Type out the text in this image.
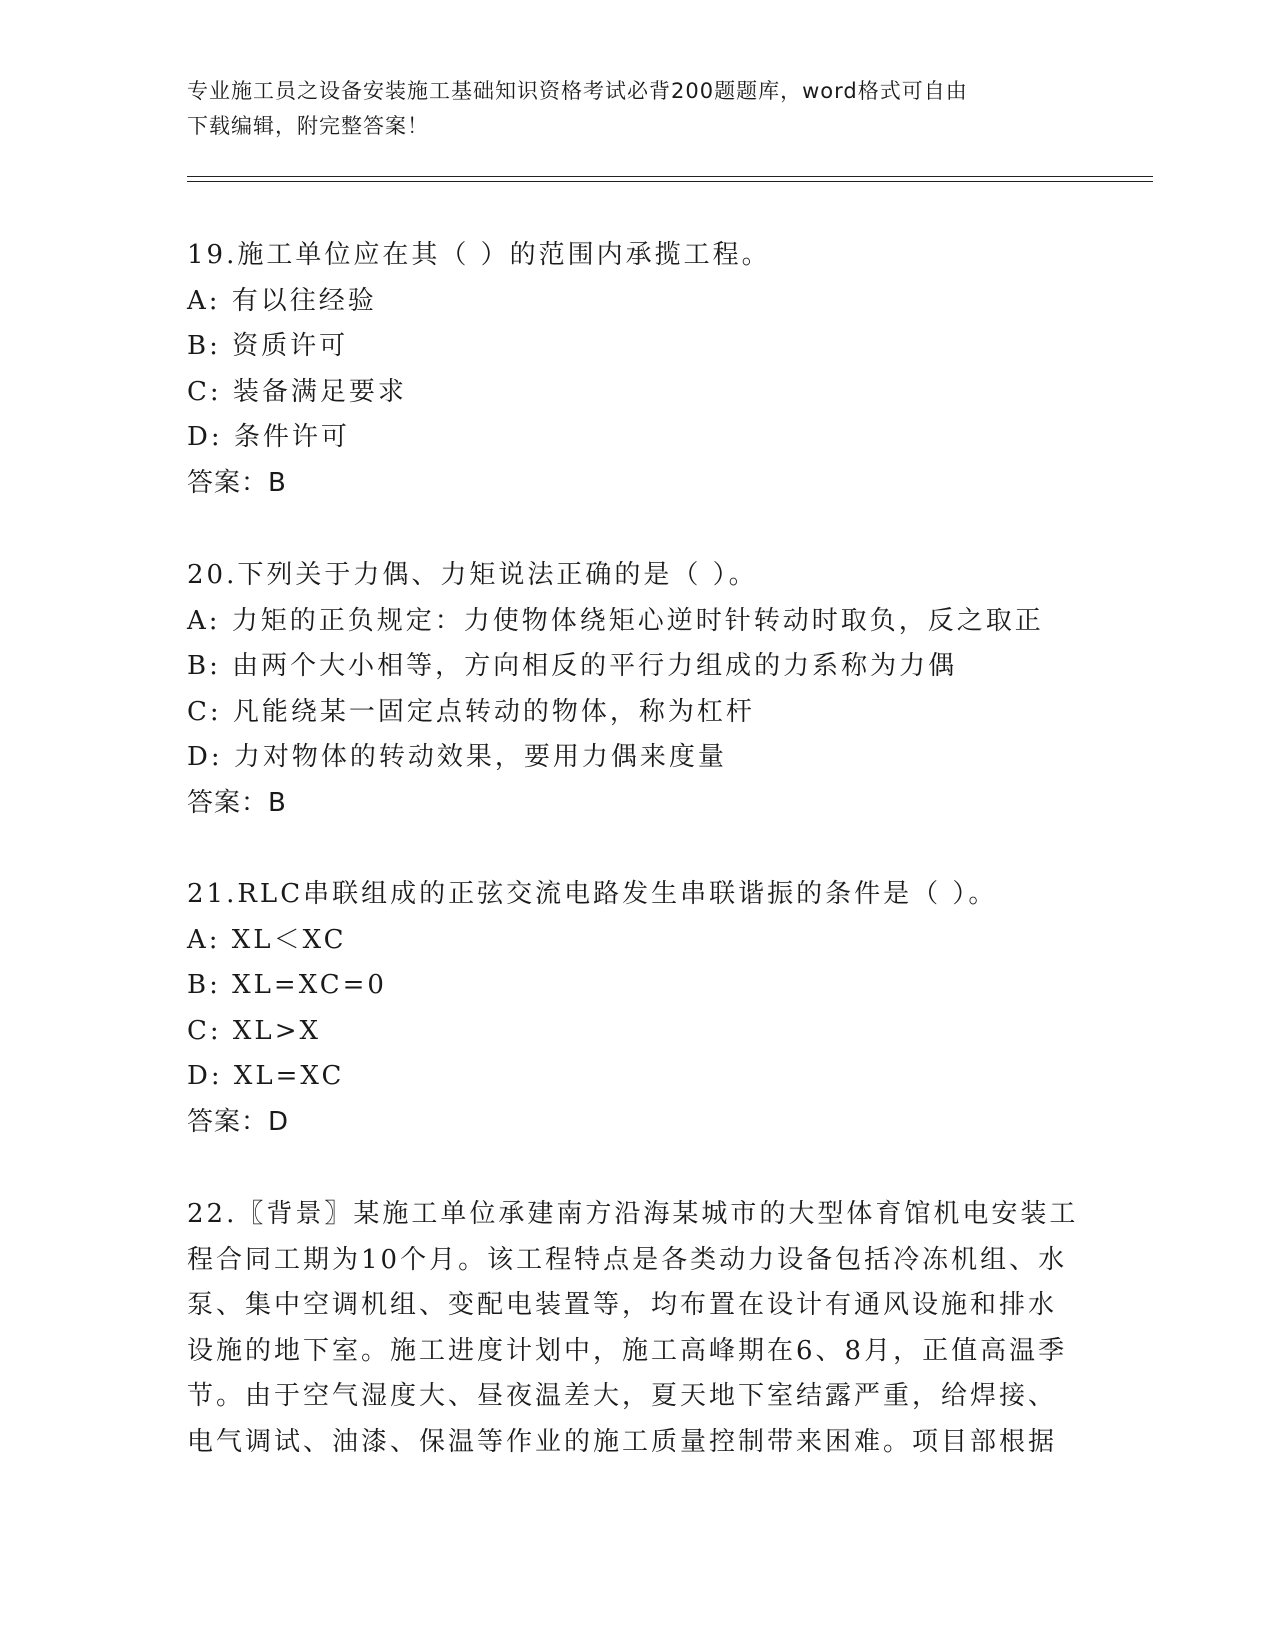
专业施工员之设备安装施工基础知识资格考试必背200题题库，word格式可自由
下载编辑，附完整答案！
19.施工单位应在其（ ）的范围内承揽工程。
A: 有以往经验
B: 资质许可
C: 装备满足要求
D: 条件许可
答案：B
20.下列关于力偶、力矩说法正确的是（ ）。
A: 力矩的正负规定：力使物体绕矩心逆时针转动时取负，反之取正
B: 由两个大小相等，方向相反的平行力组成的力系称为力偶
C: 凡能绕某一固定点转动的物体，称为杠杆
D: 力对物体的转动效果，要用力偶来度量
答案：B
21.RLC串联组成的正弦交流电路发生串联谐振的条件是（ ）。
A: XL＜XC
B: XL=XC=0
C: XL>X
D: XL=XC
答案：D
22.〖背景〗某施工单位承建南方沿海某城市的大型体育馆机电安装工
程合同工期为10个月。该工程特点是各类动力设备包括冷冻机组、水
泵、集中空调机组、变配电装置等，均布置在设计有通风设施和排水
设施的地下室。施工进度计划中，施工高峰期在6、8月，正值高温季
节。由于空气湿度大、昼夜温差大，夏天地下室结露严重，给焊接、
电气调试、油漆、保温等作业的施工质量控制带来困难。项目部根据
